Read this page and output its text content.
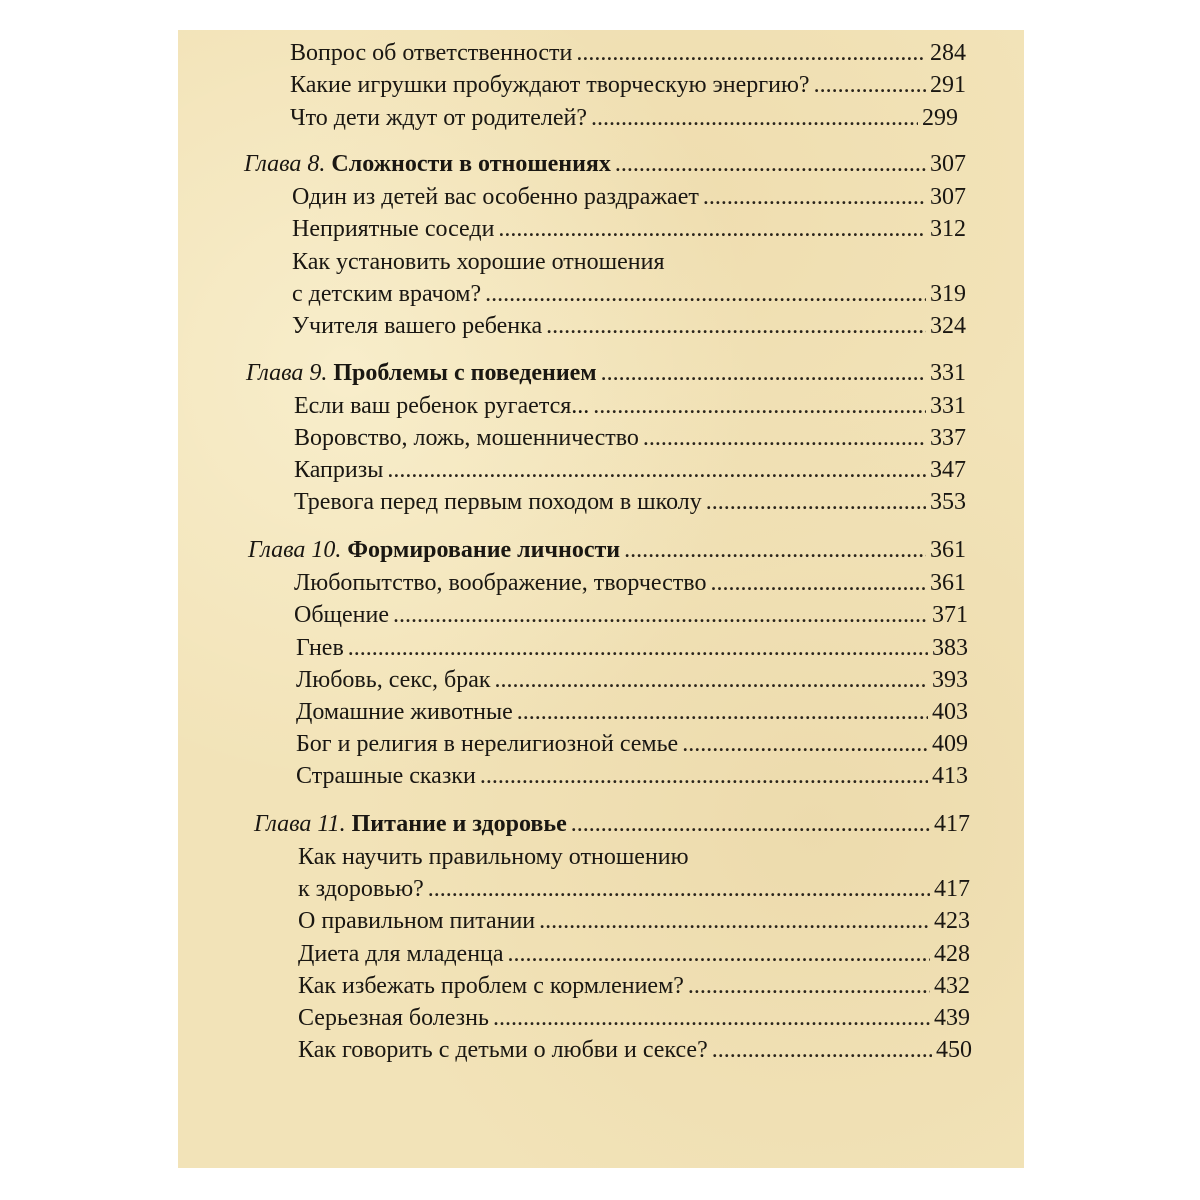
Вопрос об ответственности . . .	284
Какие игрушки пробуждают творческую энергию? . . .	291
Что дети ждут от родителей? . . .	299
Глава 8. Сложности в отношениях . . .	307
Один из детей вас особенно раздражает . . .	307
Неприятные соседи . . .	312
Как установить хорошие отношения
с детским врачом? . . .	319
Учителя вашего ребенка . . .	324
Глава 9. Проблемы с поведением . . .	331
Если ваш ребенок ругается... . . .	331
Воровство, ложь, мошенничество . . .	337
Капризы . . .	347
Тревога перед первым походом в школу . . .	353
Глава 10. Формирование личности . . .	361
Любопытство, воображение, творчество . . .	361
Общение . . .	371
Гнев . . .	383
Любовь, секс, брак . . .	393
Домашние животные . . .	403
Бог и религия в нерелигиозной семье . . .	409
Страшные сказки . . .	413
Глава 11. Питание и здоровье . . .	417
Как научить правильному отношению
к здоровью? . . .	417
О правильном питании . . .	423
Диета для младенца . . .	428
Как избежать проблем с кормлением? . . .	432
Серьезная болезнь . . .	439
Как говорить с детьми о любви и сексе? . . .	450
